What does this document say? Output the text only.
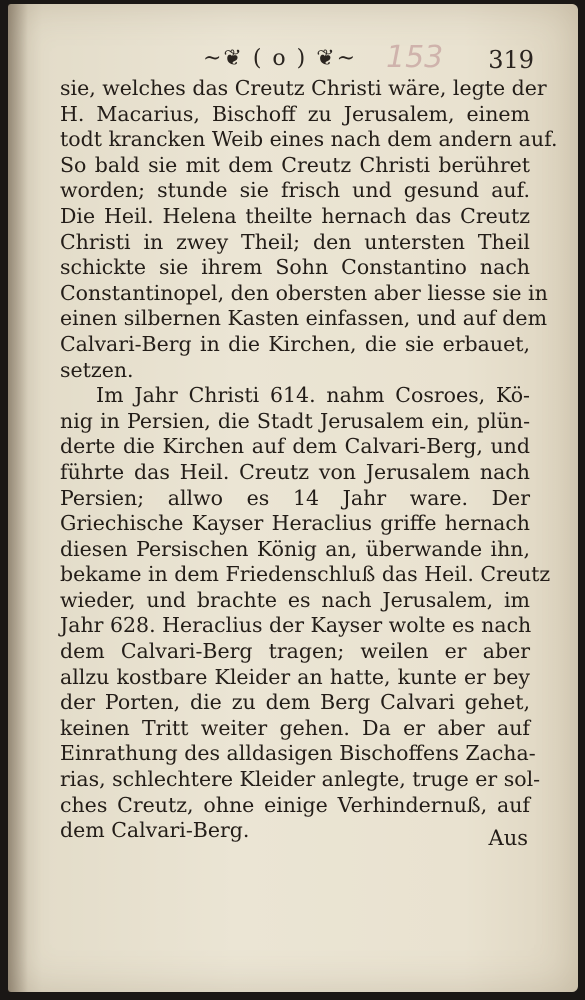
~❦ ( o ) ❦~ 153 319
sie, welches das Creutz Christi wäre, legte der
H. Macarius, Bischoff zu Jerusalem, einem
todt krancken Weib eines nach dem andern auf.
So bald sie mit dem Creutz Christi berühret
worden; stunde sie frisch und gesund auf.
Die Heil. Helena theilte hernach das Creutz
Christi in zwey Theil; den untersten Theil
schickte sie ihrem Sohn Constantino nach
Constantinopel, den obersten aber liesse sie in
einen silbernen Kasten einfassen, und auf dem
Calvari-Berg in die Kirchen, die sie erbauet,
setzen.
Im Jahr Christi 614. nahm Cosroes, Kö-
nig in Persien, die Stadt Jerusalem ein, plün-
derte die Kirchen auf dem Calvari-Berg, und
führte das Heil. Creutz von Jerusalem nach
Persien; allwo es 14 Jahr ware. Der
Griechische Kayser Heraclius griffe hernach
diesen Persischen König an, überwande ihn,
bekame in dem Friedenschluß das Heil. Creutz
wieder, und brachte es nach Jerusalem, im
Jahr 628. Heraclius der Kayser wolte es nach
dem Calvari-Berg tragen; weilen er aber
allzu kostbare Kleider an hatte, kunte er bey
der Porten, die zu dem Berg Calvari gehet,
keinen Tritt weiter gehen. Da er aber auf
Einrathung des alldasigen Bischoffens Zacha-
rias, schlechtere Kleider anlegte, truge er sol-
ches Creutz, ohne einige Verhindernuß, auf
dem Calvari-Berg.	Aus
